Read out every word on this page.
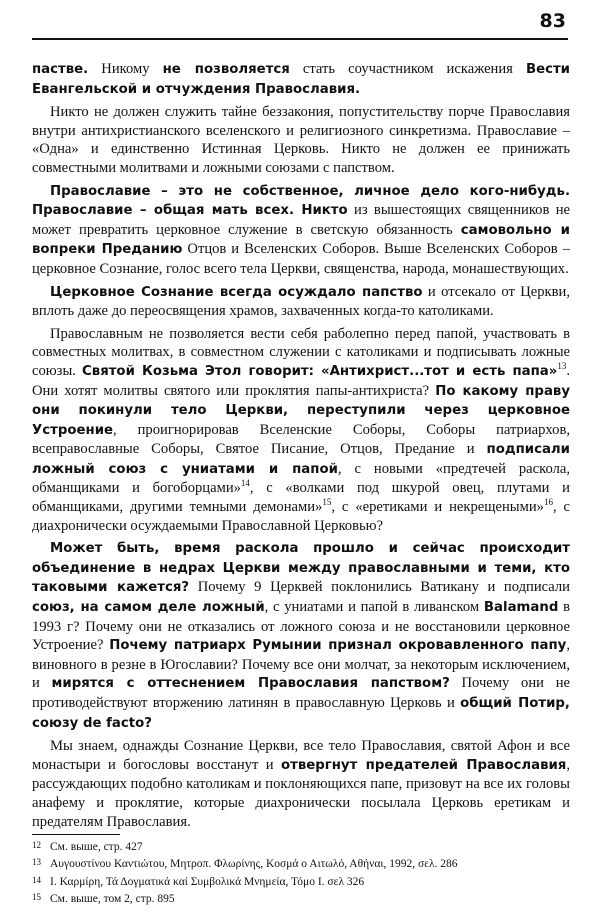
83

пастве. Никому не позволяется стать соучастником искажения Вести Евангельской и отчуждения Православия.

Никто не должен служить тайне беззакония, попустительству порче Православия внутри антихристианского вселенского и религиозного синкретизма. Православие – «Одна» и единственно Истинная Церковь. Никто не должен ее принижать совместными молитвами и ложными союзами с папством.

Православие – это не собственное, личное дело кого-нибудь. Православие – общая мать всех. Никто из вышестоящих священников не может превратить церковное служение в светскую обязанность самовольно и вопреки Преданию Отцов и Вселенских Соборов. Выше Вселенских Соборов – церковное Сознание, голос всего тела Церкви, священства, народа, монашествующих.

Церковное Сознание всегда осуждало папство и отсекало от Церкви, вплоть даже до переосвящения храмов, захваченных когда-то католиками.

Православным не позволяется вести себя раболепно перед папой, участвовать в совместных молитвах, в совместном служении с католиками и подписывать ложные союзы. Святой Козьма Этол говорит: «Антихрист...тот и есть папа»$^{13}$. Они хотят молитвы святого или проклятия папы-антихриста? По какому праву они покинули тело Церкви, переступили через церковное Устроение, проигнорировав Вселенские Соборы, Соборы патриархов, всеправославные Соборы, Святое Писание, Отцов, Предание и подписали ложный союз с униатами и папой, с новыми «предтечей раскола, обманщиками и богоборцами»$^{14}$, с «волками под шкурой овец, плутами и обманщиками, другими темными демонами»$^{15}$, с «еретиками и некрещеными»$^{16}$, с диахронически осуждаемыми Православной Церковью?

Может быть, время раскола прошло и сейчас происходит объединение в недрах Церкви между православными и теми, кто таковыми кажется? Почему 9 Церквей поклонились Ватикану и подписали союз, на самом деле ложный, с униатами и папой в ливанском Balamand в 1993 г? Почему они не отказались от ложного союза и не восстановили церковное Устроение? Почему патриарх Румынии признал окровавленного папу, виновного в резне в Югославии? Почему все они молчат, за некоторым исключением, и мирятся с оттеснением Православия папством? Почему они не противодействуют вторжению латинян в православную Церковь и общий Потир, союзу de facto?

Мы знаем, однажды Сознание Церкви, все тело Православия, святой Афон и все монастыри и богословы восстанут и отвергнут предателей Православия, рассуждающих подобно католикам и поклоняющихся папе, призовут на все их головы анафему и проклятие, которые диахронически посылала Церковь еретикам и предателям Православия.

12 См. выше, стр. 427
13 Αυγουστίνου Καντιώτου, Μητροπ. Φλωρίνης, Κοσμά ο Αιτωλό, Αθήναι, 1992, σελ. 286
14 Ι. Καρμίρη, Τά Δογματικά καί Συμβολικά Μνημεία, Τόμο Ι. σελ 326
15 См. выше, том 2, стр. 895
